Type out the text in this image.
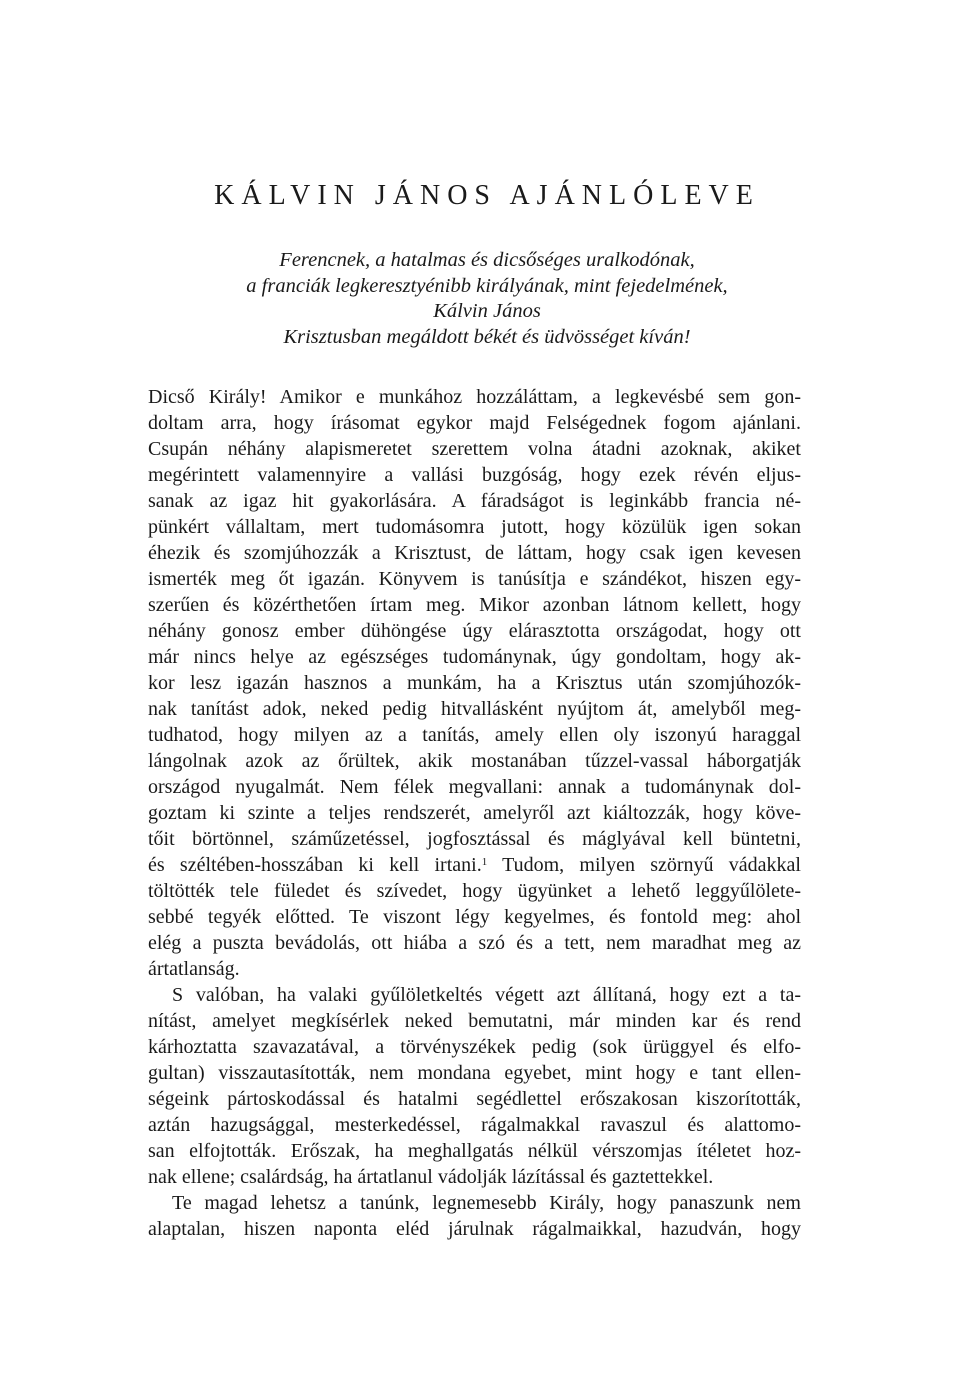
KÁLVIN JÁNOS AJÁNLÓLEVE
Ferencnek, a hatalmas és dicsőséges uralkodónak,
a franciák legkeresztyénibb királyának, mint fejedelmének,
Kálvin János
Krisztusban megáldott békét és üdvösséget kíván!
Dicső Király! Amikor e munkához hozzáláttam, a legkevésbé sem gon-
doltam arra, hogy írásomat egykor majd Felségednek fogom ajánlani.
Csupán néhány alapismeretet szerettem volna átadni azoknak, akiket
megérintett valamennyire a vallási buzgóság, hogy ezek révén eljus-
sanak az igaz hit gyakorlására. A fáradságot is leginkább francia né-
pünkért vállaltam, mert tudomásomra jutott, hogy közülük igen sokan
éhezik és szomjúhozzák a Krisztust, de láttam, hogy csak igen kevesen
ismerték meg őt igazán. Könyvem is tanúsítja e szándékot, hiszen egy-
szerűen és közérthetően írtam meg. Mikor azonban látnom kellett, hogy
néhány gonosz ember dühöngése úgy elárasztotta országodat, hogy ott
már nincs helye az egészséges tudománynak, úgy gondoltam, hogy ak-
kor lesz igazán hasznos a munkám, ha a Krisztus után szomjúhozók-
nak tanítást adok, neked pedig hitvallásként nyújtom át, amelyből meg-
tudhatod, hogy milyen az a tanítás, amely ellen oly iszonyú haraggal
lángolnak azok az őrültek, akik mostanában tűzzel-vassal háborgatják
országod nyugalmát. Nem félek megvallani: annak a tudománynak dol-
goztam ki szinte a teljes rendszerét, amelyről azt kiáltozzák, hogy köve-
tőit börtönnel, száműzetéssel, jogfosztással és máglyával kell büntetni,
és széltében-hosszában ki kell irtani.$^1$ Tudom, milyen szörnyű vádakkal
töltötték tele füledet és szívedet, hogy ügyünket a lehető leggyűlölete-
sebbé tegyék előtted. Te viszont légy kegyelmes, és fontold meg: ahol
elég a puszta bevádolás, ott hiába a szó és a tett, nem maradhat meg az
ártatlanság.
S valóban, ha valaki gyűlöletkeltés végett azt állítaná, hogy ezt a ta-
nítást, amelyet megkísérlek neked bemutatni, már minden kar és rend
kárhoztatta szavazatával, a törvényszékek pedig (sok ürüggyel és elfo-
gultan) visszautasították, nem mondana egyebet, mint hogy e tant ellen-
ségeink pártoskodással és hatalmi segédlettel erőszakosan kiszorították,
aztán hazugsággal, mesterkedéssel, rágalmakkal ravaszul és alattomo-
san elfojtották. Erőszak, ha meghallgatás nélkül vérszomjas ítéletet hoz-
nak ellene; csalárdság, ha ártatlanul vádolják lázítással és gaztettekkel.
Te magad lehetsz a tanúnk, legnemesebb Király, hogy panaszunk nem
alaptalan, hiszen naponta eléd járulnak rágalmaikkal, hazudván, hogy
